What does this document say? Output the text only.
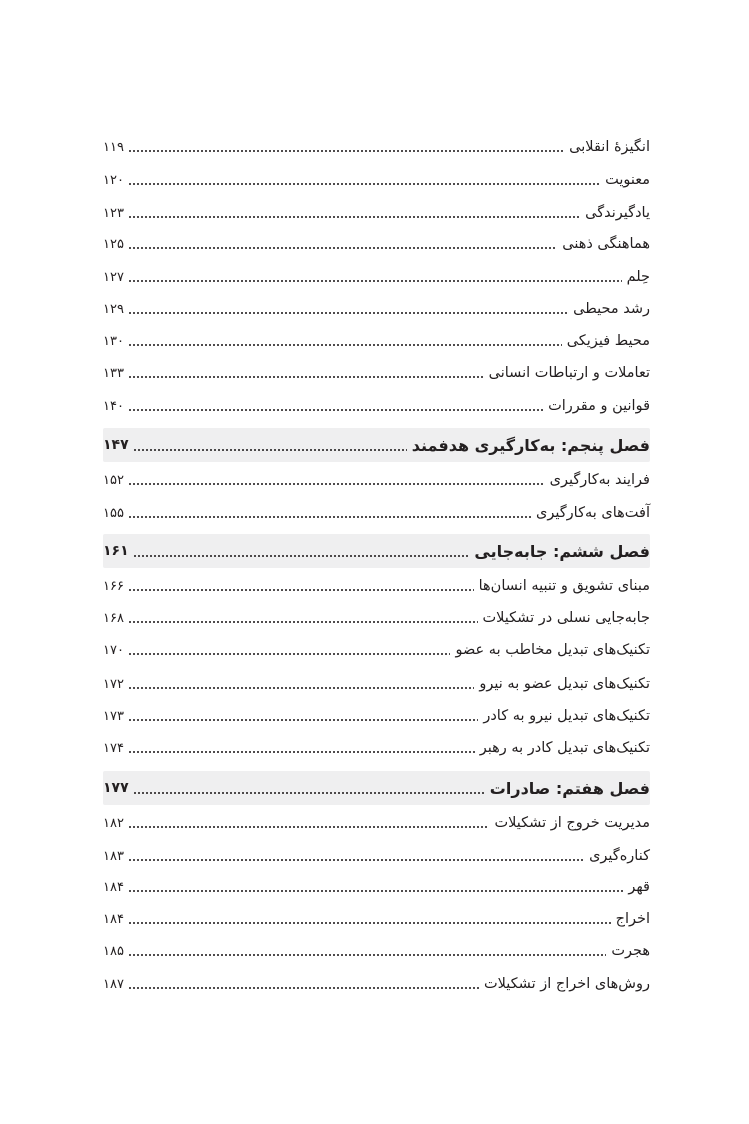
انگیزۀ انقلابی
۱۱۹
معنویت
۱۲۰
یادگیرندگی
۱۲۳
هماهنگی ذهنی
۱۲۵
حِلم
۱۲۷
رشد محیطی
۱۲۹
محیط فیزیکی
۱۳۰
تعاملات و ارتباطات انسانی
۱۳۳
قوانین و مقررات
۱۴۰
فصل پنجم: به‌کارگیری هدفمند
۱۴۷
فرایند به‌کارگیری
۱۵۲
آفت‌های به‌کارگیری
۱۵۵
فصل ششم: جابه‌جایی
۱۶۱
مبنای تشویق و تنبیه انسان‌ها
۱۶۶
جابه‌جایی نسلی در تشکیلات
۱۶۸
تکنیک‌های تبدیل مخاطب به عضو
۱۷۰
تکنیک‌های تبدیل عضو به نیرو
۱۷۲
تکنیک‌های تبدیل نیرو به کادر
۱۷۳
تکنیک‌های تبدیل کادر به رهبر
۱۷۴
فصل هفتم: صادرات
۱۷۷
مدیریت خروج از تشکیلات
۱۸۲
کناره‌گیری
۱۸۳
قهر
۱۸۴
اخراج
۱۸۴
هجرت
۱۸۵
روش‌های اخراج از تشکیلات
۱۸۷
